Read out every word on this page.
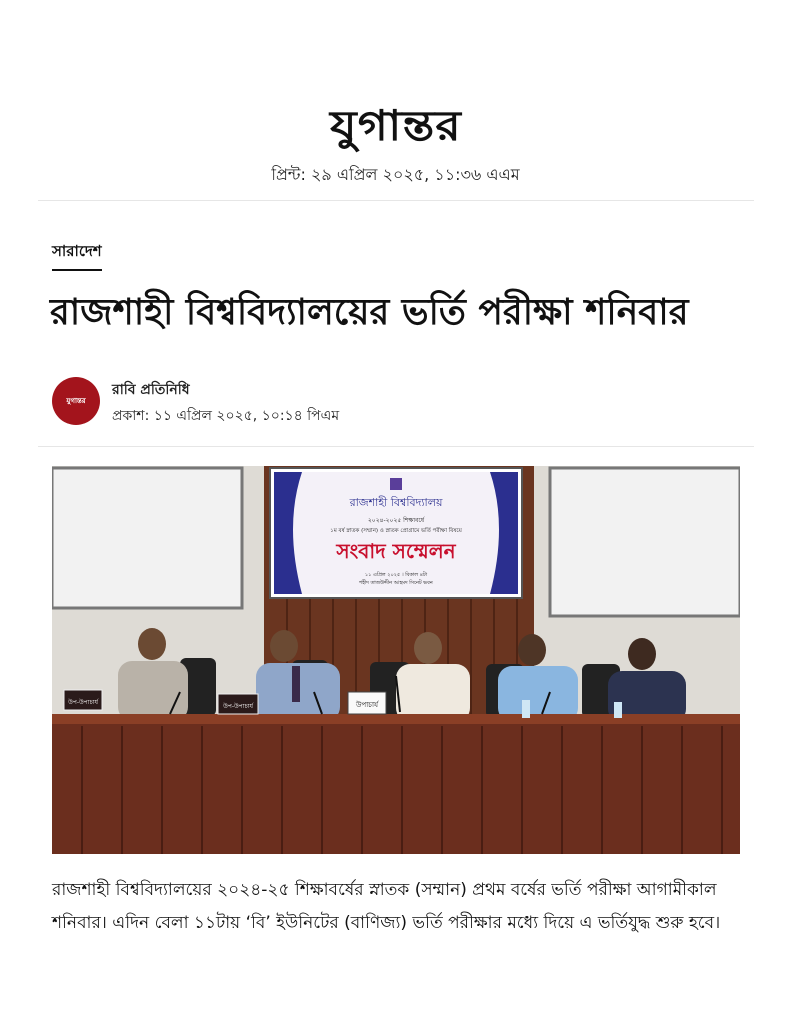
যুগান্তর
প্রিন্ট: ২৯ এপ্রিল ২০২৫, ১১:৩৬ এএম
সারাদেশ
রাজশাহী বিশ্ববিদ্যালয়ের ভর্তি পরীক্ষা শনিবার
যুগান্তর
রাবি প্রতিনিধি
প্রকাশ: ১১ এপ্রিল ২০২৫, ১০:১৪ পিএম
রাজশাহী বিশ্ববিদ্যালয়
২০২৪-২০২৫ শিক্ষাবর্ষে
১ম বর্ষ স্নাতক (সম্মান) ও স্নাতক প্রোগ্রামে ভর্তি পরীক্ষা বিষয়ে
সংবাদ সম্মেলন
১১ এপ্রিল ২০২৫ । বিকাল ৪টা
শহীদ তাজউদ্দীন আহমদ সিনেট ভবন
উপ-উপাচার্য
উপ-উপাচার্য	উপাচার্য
রাজশাহী বিশ্ববিদ্যালয়ের ২০২৪-২৫ শিক্ষাবর্ষের স্নাতক (সম্মান) প্রথম বর্ষের ভর্তি পরীক্ষা আগামীকাল শনিবার। এদিন বেলা ১১টায় ‘বি’ ইউনিটের (বাণিজ্য) ভর্তি পরীক্ষার মধ্যে দিয়ে এ ভর্তিযুদ্ধ শুরু হবে।
